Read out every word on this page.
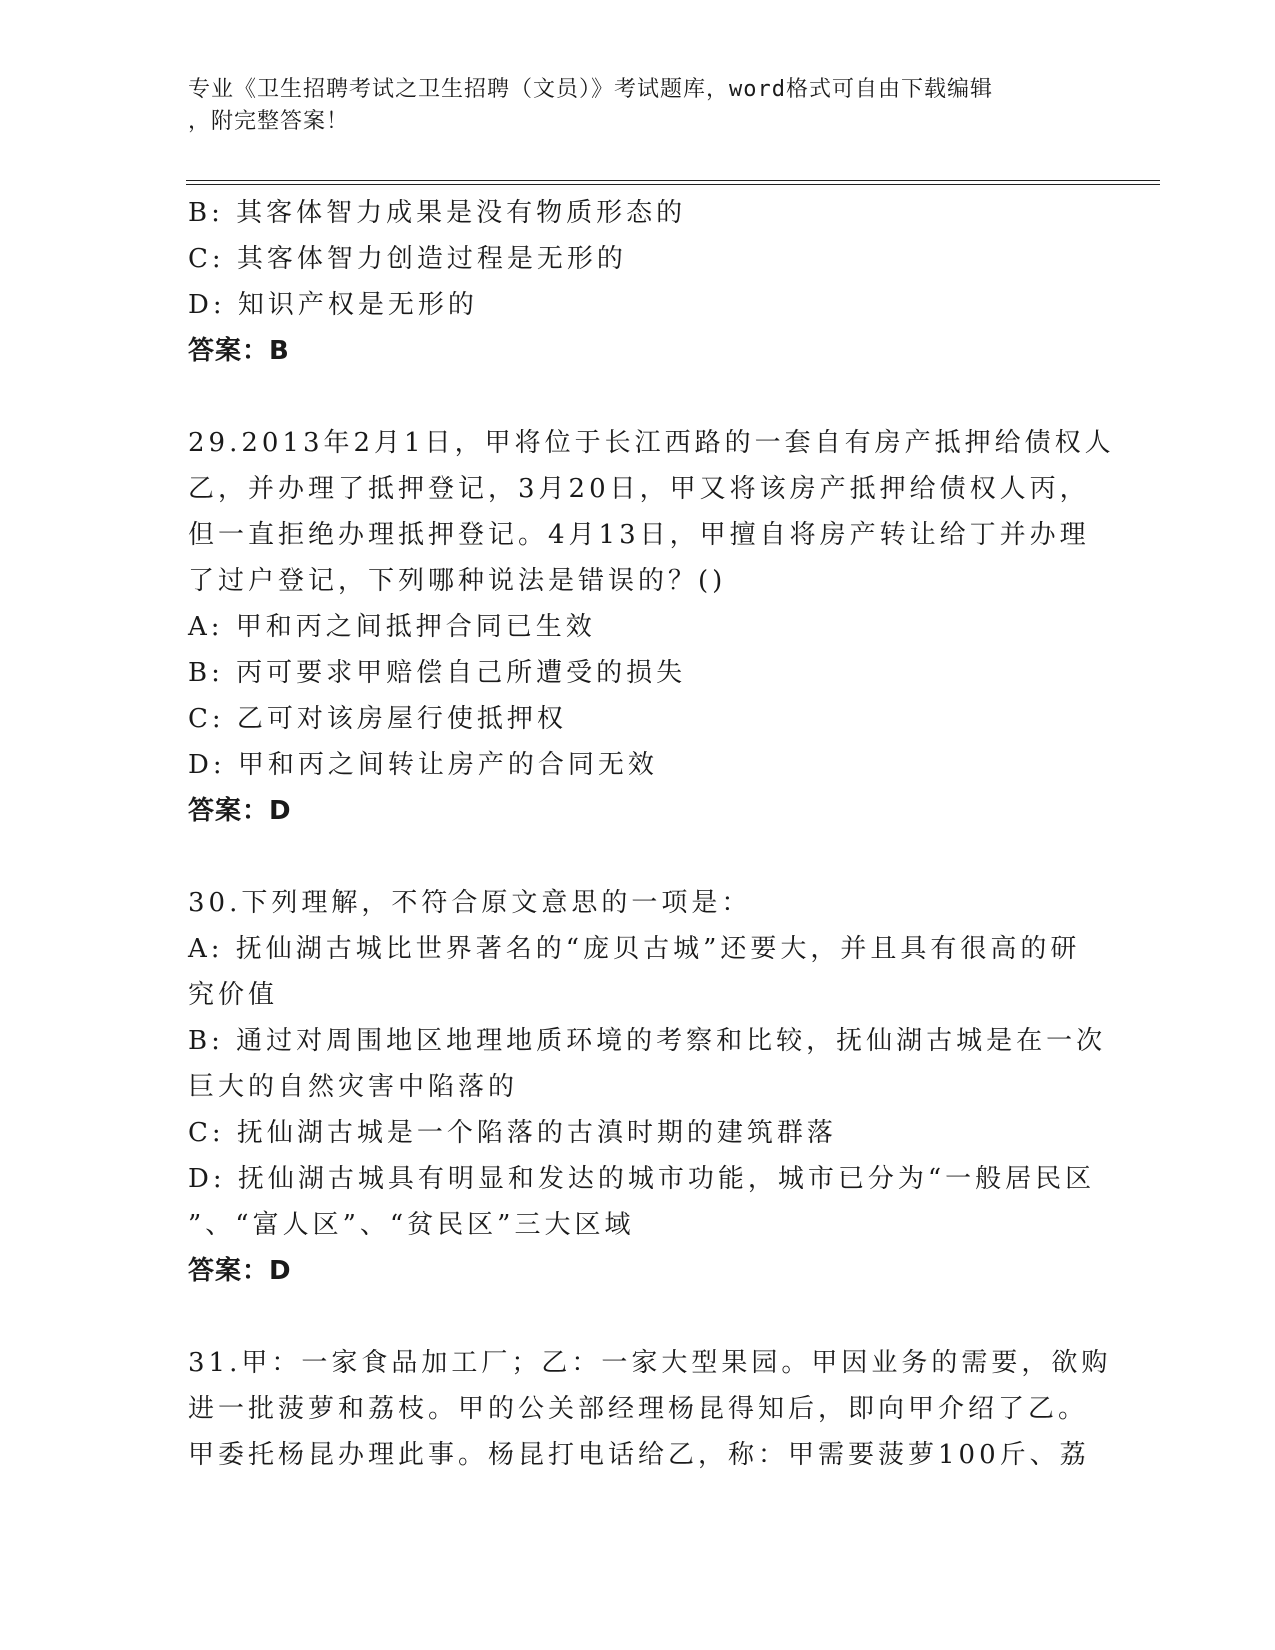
专业《卫生招聘考试之卫生招聘（文员）》考试题库，word格式可自由下载编辑

，附完整答案！

B: 其客体智力成果是没有物质形态的
C: 其客体智力创造过程是无形的
D: 知识产权是无形的
答案：B
29.2013年2月1日，甲将位于长江西路的一套自有房产抵押给债权人
乙，并办理了抵押登记，3月20日，甲又将该房产抵押给债权人丙，
但一直拒绝办理抵押登记。4月13日，甲擅自将房产转让给丁并办理
了过户登记，下列哪种说法是错误的？()
A: 甲和丙之间抵押合同已生效
B: 丙可要求甲赔偿自己所遭受的损失
C: 乙可对该房屋行使抵押权
D: 甲和丙之间转让房产的合同无效
答案：D
30.下列理解，不符合原文意思的一项是：
A: 抚仙湖古城比世界著名的“庞贝古城”还要大，并且具有很高的研
究价值
B: 通过对周围地区地理地质环境的考察和比较，抚仙湖古城是在一次
巨大的自然灾害中陷落的
C: 抚仙湖古城是一个陷落的古滇时期的建筑群落
D: 抚仙湖古城具有明显和发达的城市功能，城市已分为“一般居民区
”、“富人区”、“贫民区”三大区域
答案：D
31.甲：一家食品加工厂；乙：一家大型果园。甲因业务的需要，欲购
进一批菠萝和荔枝。甲的公关部经理杨昆得知后，即向甲介绍了乙。
甲委托杨昆办理此事。杨昆打电话给乙，称：甲需要菠萝100斤、荔
